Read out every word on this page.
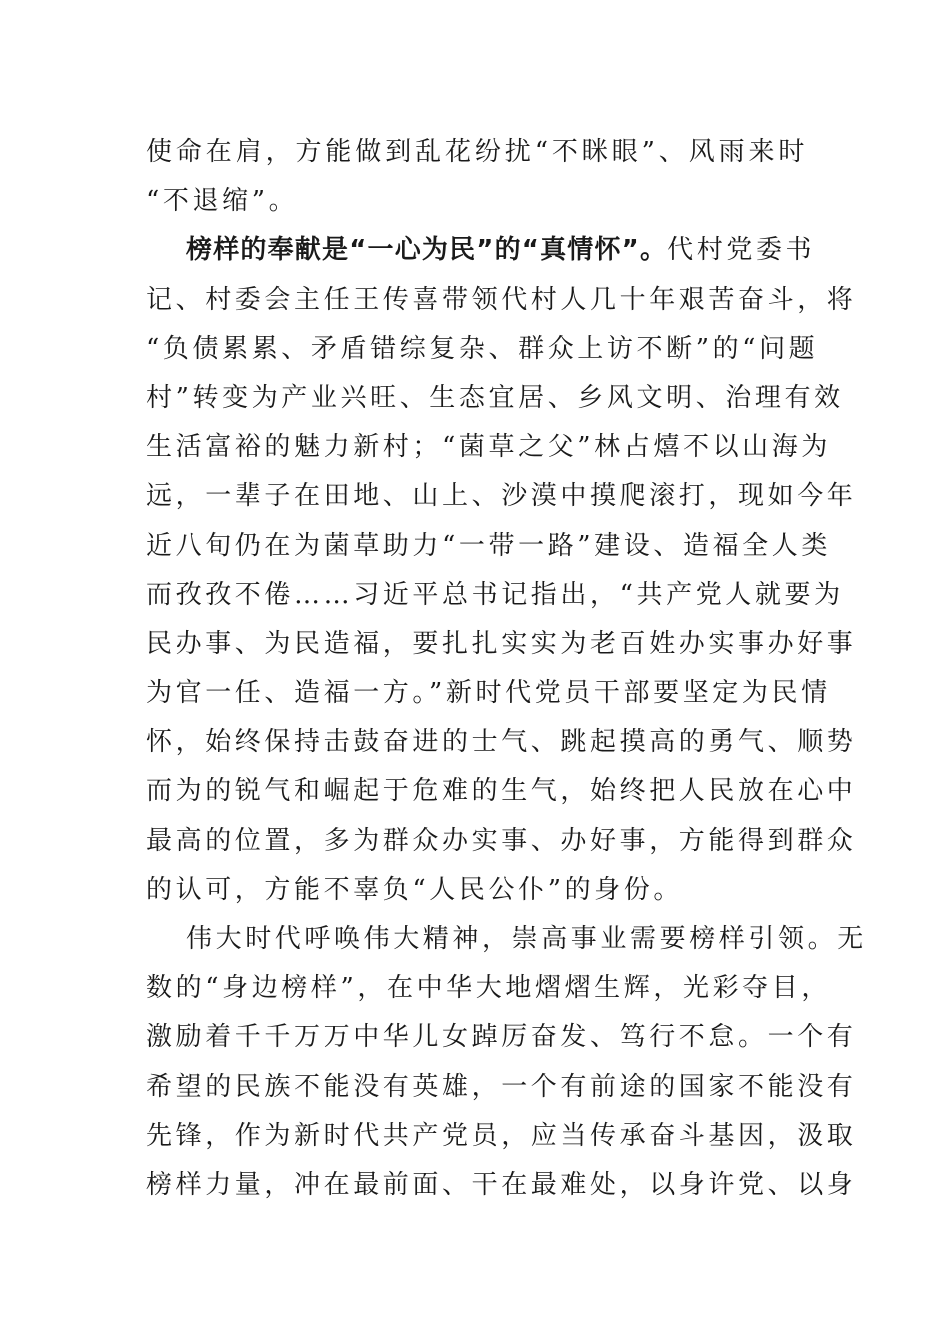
使命在肩，方能做到乱花纷扰“不眯眼”、风雨来时
“不退缩”。
榜样的奉献是“一心为民”的“真情怀”。代村党委书
记、村委会主任王传喜带领代村人几十年艰苦奋斗，将
“负债累累、矛盾错综复杂、群众上访不断”的“问题
村”转变为产业兴旺、生态宜居、乡风文明、治理有效
生活富裕的魅力新村；“菌草之父”林占熺不以山海为
远，一辈子在田地、山上、沙漠中摸爬滚打，现如今年
近八旬仍在为菌草助力“一带一路”建设、造福全人类
而孜孜不倦……习近平总书记指出，“共产党人就要为
民办事、为民造福，要扎扎实实为老百姓办实事办好事
为官一任、造福一方。”新时代党员干部要坚定为民情
怀，始终保持击鼓奋进的士气、跳起摸高的勇气、顺势
而为的锐气和崛起于危难的生气，始终把人民放在心中
最高的位置，多为群众办实事、办好事，方能得到群众
的认可，方能不辜负“人民公仆”的身份。
伟大时代呼唤伟大精神，崇高事业需要榜样引领。无
数的“身边榜样”，在中华大地熠熠生辉，光彩夺目，
激励着千千万万中华儿女踔厉奋发、笃行不怠。一个有
希望的民族不能没有英雄，一个有前途的国家不能没有
先锋，作为新时代共产党员，应当传承奋斗基因，汲取
榜样力量，冲在最前面、干在最难处，以身许党、以身
